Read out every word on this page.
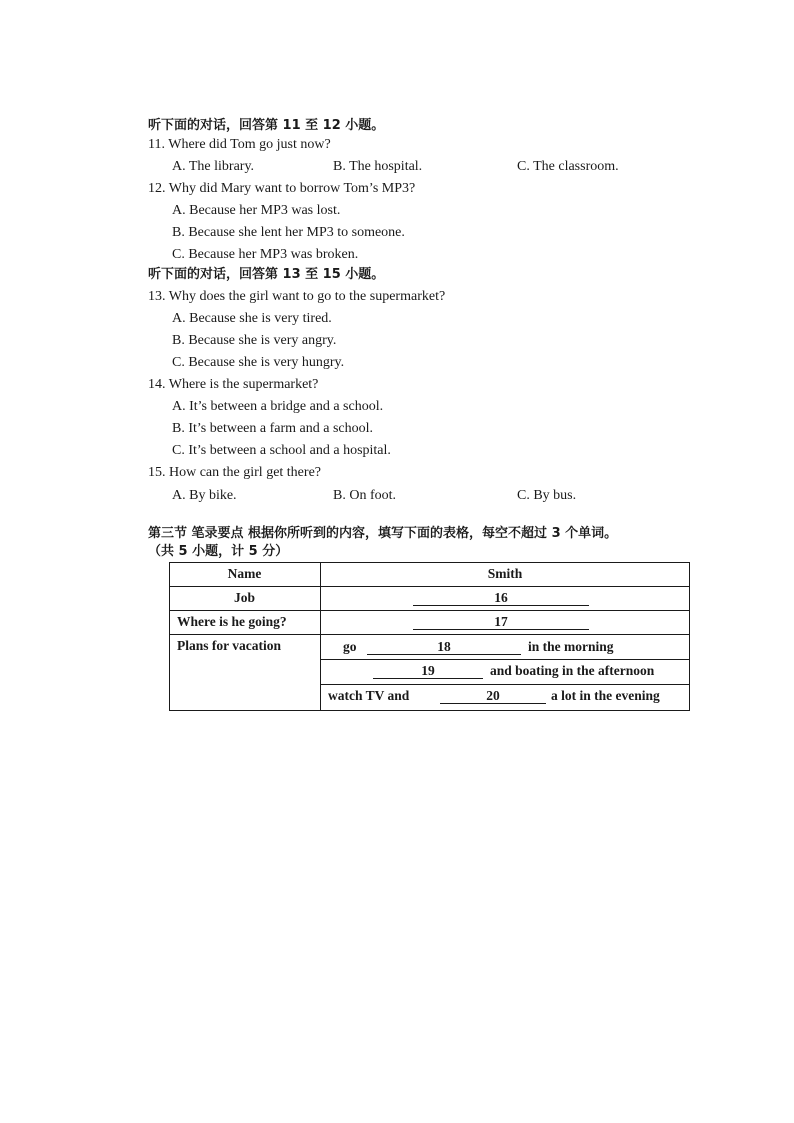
听下面的对话，回答第 11 至 12 小题。
11. Where did Tom go just now?
A. The library.	B. The hospital.	C. The classroom.
12. Why did Mary want to borrow Tom’s MP3?
A. Because her MP3 was lost.
B. Because she lent her MP3 to someone.
C. Because her MP3 was broken.
听下面的对话，回答第 13 至 15 小题。
13. Why does the girl want to go to the supermarket?
A. Because she is very tired.
B. Because she is very angry.
C. Because she is very hungry.
14. Where is the supermarket?
A. It’s between a bridge and a school.
B. It’s between a farm and a school.
C. It’s between a school and a hospital.
15. How can the girl get there?
A. By bike.	B. On foot.	C. By bus.
第三节 笔录要点 根据你所听到的内容，填写下面的表格，每空不超过 3 个单词。
（共 5 小题，计 5 分）
Name	Smith
Job	16
Where is he going?	17
Plans for vacation	go	18	in the morning
19	and boating in the afternoon
watch TV and	20	a lot in the evening
